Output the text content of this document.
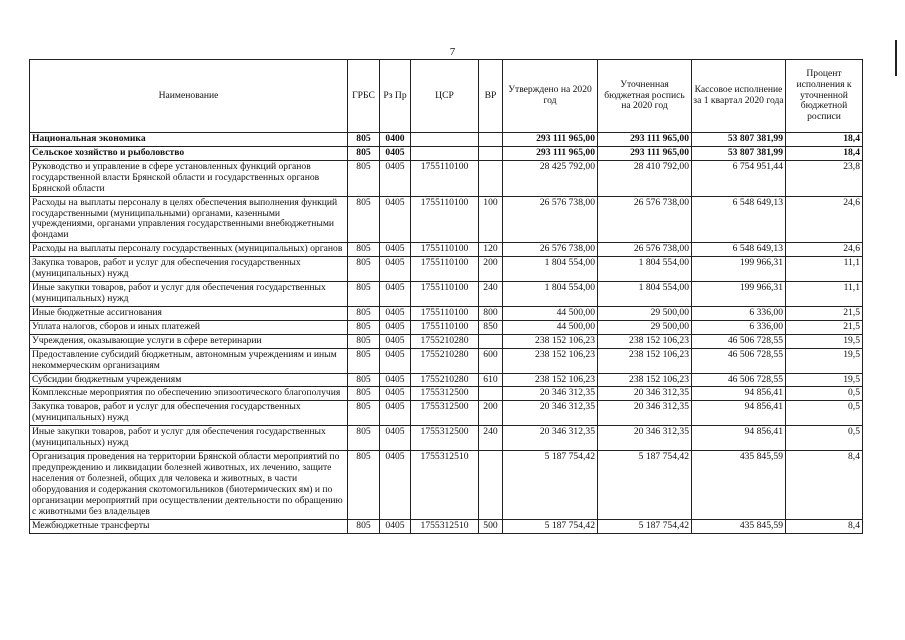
7
Наименование	ГРБС	Рз Пр	ЦСР	ВР	Утверждено на 2020 год	Уточненная бюджетная роспись на 2020 год	Кассовое исполнение за 1 квартал 2020 года	Процент исполнения к уточненной бюджетной росписи
Национальная экономика	805	0400			293 111 965,00	293 111 965,00	53 807 381,99	18,4
Сельское хозяйство и рыболовство	805	0405			293 111 965,00	293 111 965,00	53 807 381,99	18,4
Руководство и управление в сфере установленных функций органов государственной власти Брянской области и государственных органов Брянской области	805	0405	1755110100		28 425 792,00	28 410 792,00	6 754 951,44	23,8
Расходы на выплаты персоналу в целях обеспечения выполнения функций государственными (муниципальными) органами, казенными учреждениями, органами управления государственными внебюджетными фондами	805	0405	1755110100	100	26 576 738,00	26 576 738,00	6 548 649,13	24,6
Расходы на выплаты персоналу государственных (муниципальных) органов	805	0405	1755110100	120	26 576 738,00	26 576 738,00	6 548 649,13	24,6
Закупка товаров, работ и услуг для обеспечения государственных (муниципальных) нужд	805	0405	1755110100	200	1 804 554,00	1 804 554,00	199 966,31	11,1
Иные закупки товаров, работ и услуг для обеспечения государственных (муниципальных) нужд	805	0405	1755110100	240	1 804 554,00	1 804 554,00	199 966,31	11,1
Иные бюджетные ассигнования	805	0405	1755110100	800	44 500,00	29 500,00	6 336,00	21,5
Уплата налогов, сборов и иных платежей	805	0405	1755110100	850	44 500,00	29 500,00	6 336,00	21,5
Учреждения, оказывающие услуги в сфере ветеринарии	805	0405	1755210280		238 152 106,23	238 152 106,23	46 506 728,55	19,5
Предоставление субсидий бюджетным, автономным учреждениям и иным некоммерческим организациям	805	0405	1755210280	600	238 152 106,23	238 152 106,23	46 506 728,55	19,5
Субсидии бюджетным учреждениям	805	0405	1755210280	610	238 152 106,23	238 152 106,23	46 506 728,55	19,5
Комплексные мероприятия по обеспечению эпизоотического благополучия	805	0405	1755312500		20 346 312,35	20 346 312,35	94 856,41	0,5
Закупка товаров, работ и услуг для обеспечения государственных (муниципальных) нужд	805	0405	1755312500	200	20 346 312,35	20 346 312,35	94 856,41	0,5
Иные закупки товаров, работ и услуг для обеспечения государственных (муниципальных) нужд	805	0405	1755312500	240	20 346 312,35	20 346 312,35	94 856,41	0,5
Организация проведения на территории Брянской области мероприятий по предупреждению и ликвидации болезней животных, их лечению, защите населения от болезней, общих для человека и животных, в части оборудования и содержания скотомогильников (биотермических ям) и по организации мероприятий при осуществлении деятельности по обращению с животными без владельцев	805	0405	1755312510		5 187 754,42	5 187 754,42	435 845,59	8,4
Межбюджетные трансферты	805	0405	1755312510	500	5 187 754,42	5 187 754,42	435 845,59	8,4
